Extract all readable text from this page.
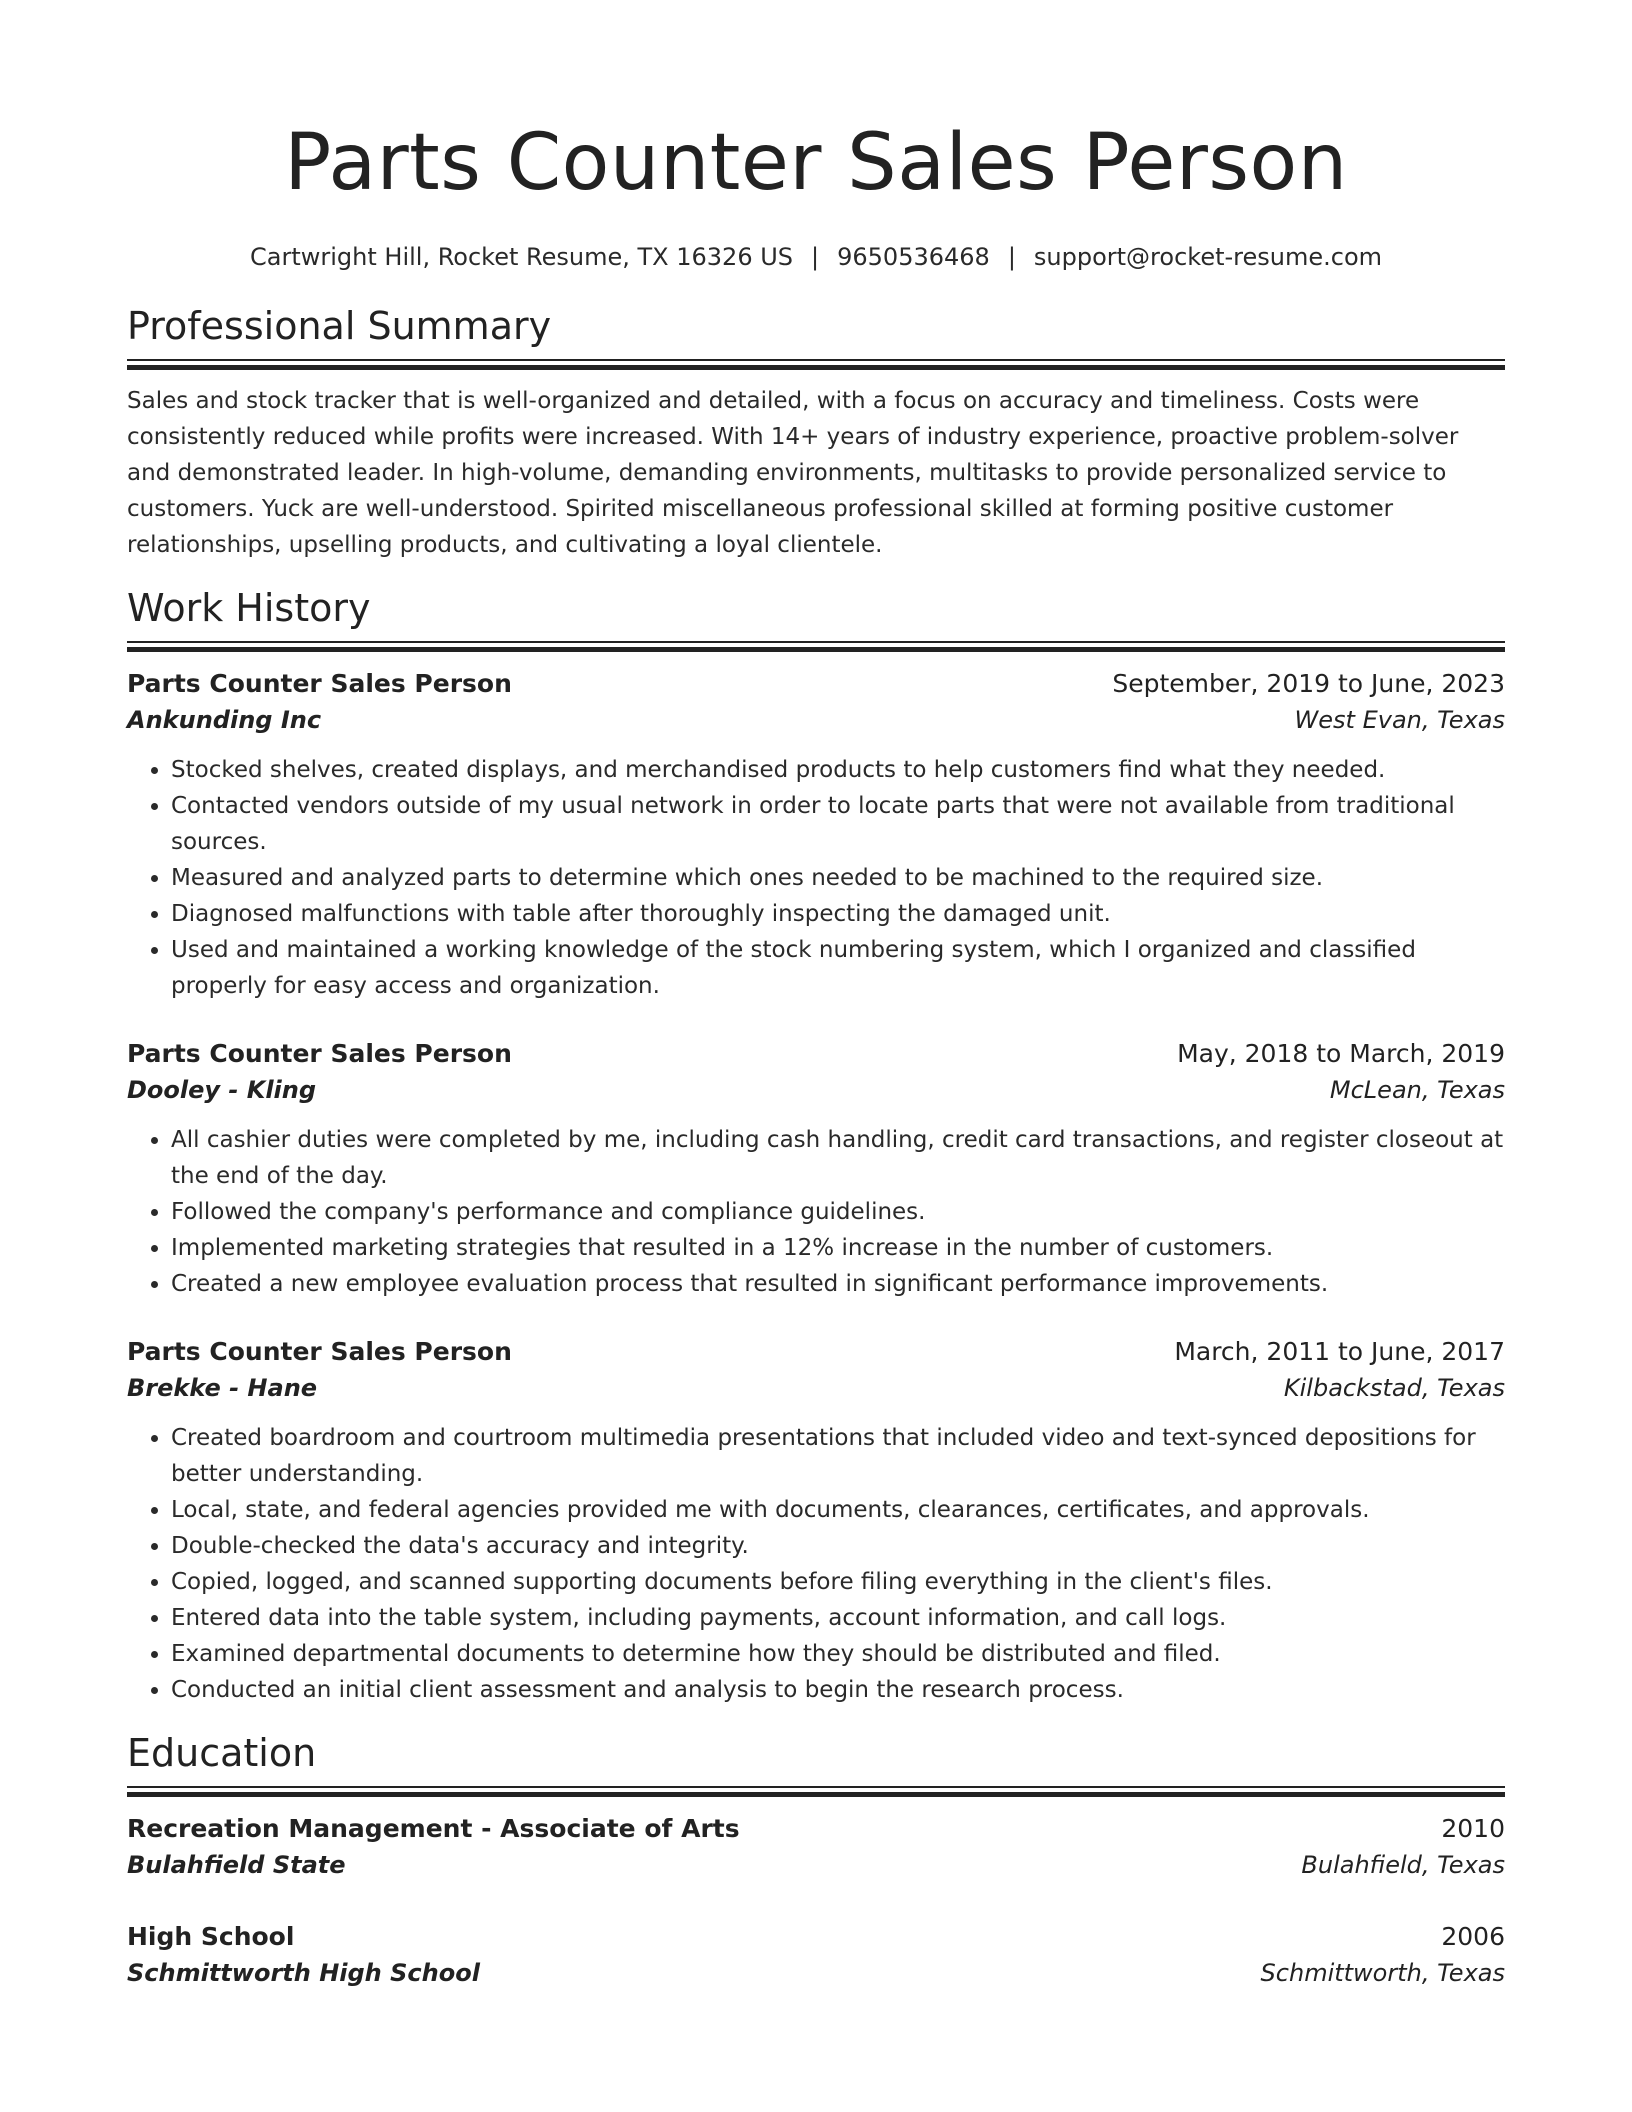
Parts Counter Sales Person
Cartwright Hill, Rocket Resume, TX 16326 US | 9650536468 | support@rocket-resume.com
Professional Summary

Sales and stock tracker that is well-organized and detailed, with a focus on accuracy and timeliness. Costs were consistently reduced while profits were increased. With 14+ years of industry experience, proactive problem-solver and demonstrated leader. In high-volume, demanding environments, multitasks to provide personalized service to customers. Yuck are well-understood. Spirited miscellaneous professional skilled at forming positive customer relationships, upselling products, and cultivating a loyal clientele.

Work History
Parts Counter Sales Person	September, 2019 to June, 2023
Ankunding Inc	West Evan, Texas
• Stocked shelves, created displays, and merchandised products to help customers find what they needed.
• Contacted vendors outside of my usual network in order to locate parts that were not available from traditional sources.
• Measured and analyzed parts to determine which ones needed to be machined to the required size.
• Diagnosed malfunctions with table after thoroughly inspecting the damaged unit.
• Used and maintained a working knowledge of the stock numbering system, which I organized and classified properly for easy access and organization.
Parts Counter Sales Person	May, 2018 to March, 2019
Dooley - Kling	McLean, Texas
• All cashier duties were completed by me, including cash handling, credit card transactions, and register closeout at the end of the day.
• Followed the company's performance and compliance guidelines.
• Implemented marketing strategies that resulted in a 12% increase in the number of customers.
• Created a new employee evaluation process that resulted in significant performance improvements.
Parts Counter Sales Person	March, 2011 to June, 2017
Brekke - Hane	Kilbackstad, Texas
• Created boardroom and courtroom multimedia presentations that included video and text-synced depositions for better understanding.
• Local, state, and federal agencies provided me with documents, clearances, certificates, and approvals.
• Double-checked the data's accuracy and integrity.
• Copied, logged, and scanned supporting documents before filing everything in the client's files.
• Entered data into the table system, including payments, account information, and call logs.
• Examined departmental documents to determine how they should be distributed and filed.
• Conducted an initial client assessment and analysis to begin the research process.
Education
Recreation Management - Associate of Arts	2010
Bulahfield State	Bulahfield, Texas
High School	2006
Schmittworth High School	Schmittworth, Texas
